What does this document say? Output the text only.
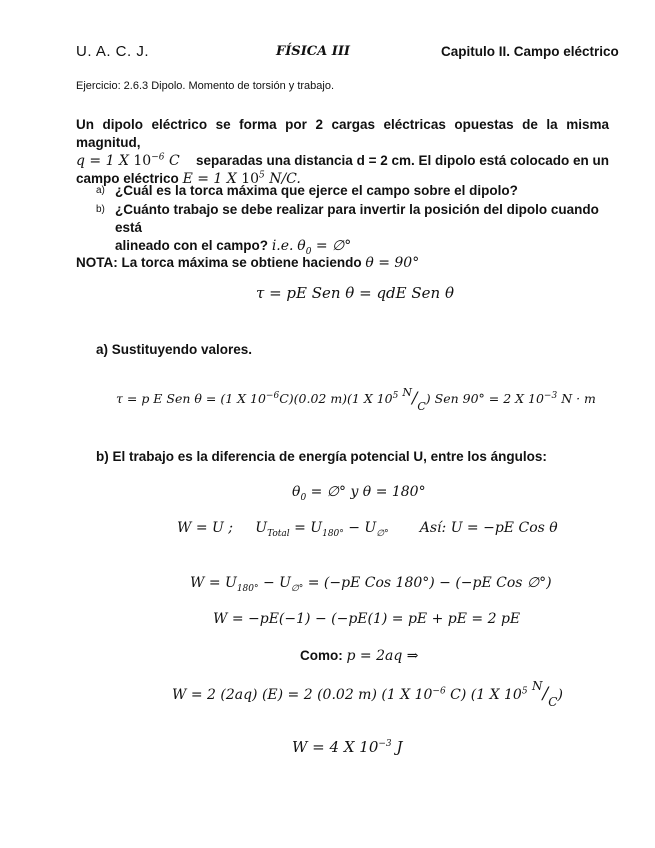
U. A. C. J.	FÍSICA III	Capitulo II. Campo eléctrico
Ejercicio: 2.6.3 Dipolo. Momento de torsión y trabajo.
Un dipolo eléctrico se forma por 2 cargas eléctricas opuestas de la misma magnitud,
q = 1 X $10^{-6}$ C separadas una distancia d = 2 cm. El dipolo está colocado en un
campo eléctrico E = 1 X $10^5$ N/C.
a) ¿Cuál es la torca máxima que ejerce el campo sobre el dipolo?
b) ¿Cuánto trabajo se debe realizar para invertir la posición del dipolo cuando está
alineado con el campo? i.e. $\theta_0$ = ∅°
NOTA: La torca máxima se obtiene haciendo θ = 90°
τ = pE Sen θ = qdE Sen θ
a) Sustituyendo valores.
τ = p E Sen θ = (1 X $10^{-6}C)(0.02$ m)(1 X $10^5$ $^N/_C$) Sen 90° = 2 X $10^{-3}$ N · m
b) El trabajo es la diferencia de energía potencial U, entre los ángulos:
$\theta_0$ = ∅° y θ = 180°
W = U ; $U_{Total} = U_{180^\circ} - U_{\emptyset^\circ}$ Así: U = −pE Cos θ
$W = U_{180^\circ} - U_{\emptyset^\circ} = (-pE$ Cos 180°) − (−pE Cos ∅°)
W = −pE(−1) − (−pE(1) = pE + pE = 2 pE
Como: p = 2aq ⇒
W = 2 (2aq) (E) = 2 (0.02 m) (1 X $10^{-6}$ C) (1 X $10^5$ $^N/_C$)
W = 4 X $10^{-3}$ J
